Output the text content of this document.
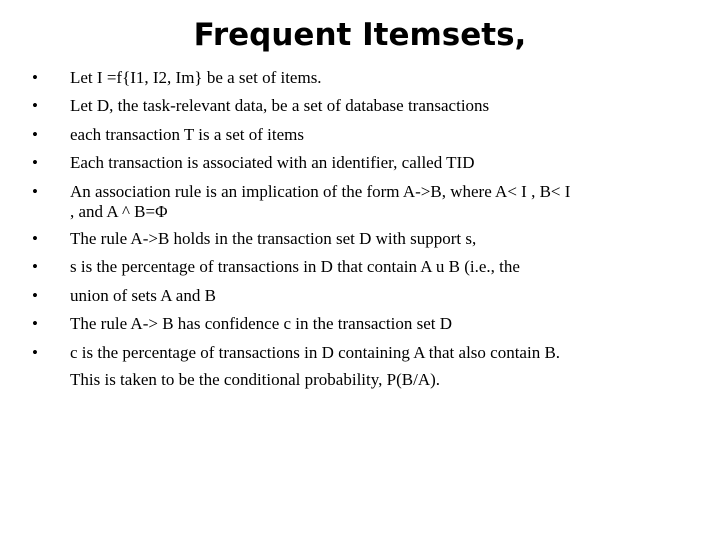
Frequent Itemsets,
• Let I =f{I1, I2, Im} be a set of items.
• Let D, the task-relevant data, be a set of database transactions
• each transaction T is a set of items
• Each transaction is associated with an identifier, called TID
• An association rule is an implication of the form A->B, where A< I , B< I
, and A ^ B=Φ
• The rule A->B holds in the transaction set D with support s,
• s is the percentage of transactions in D that contain A u B (i.e., the
• union of sets A and B
• The rule A-> B has confidence c in the transaction set D
• c is the percentage of transactions in D containing A that also contain B.
This is taken to be the conditional probability, P(B/A).
